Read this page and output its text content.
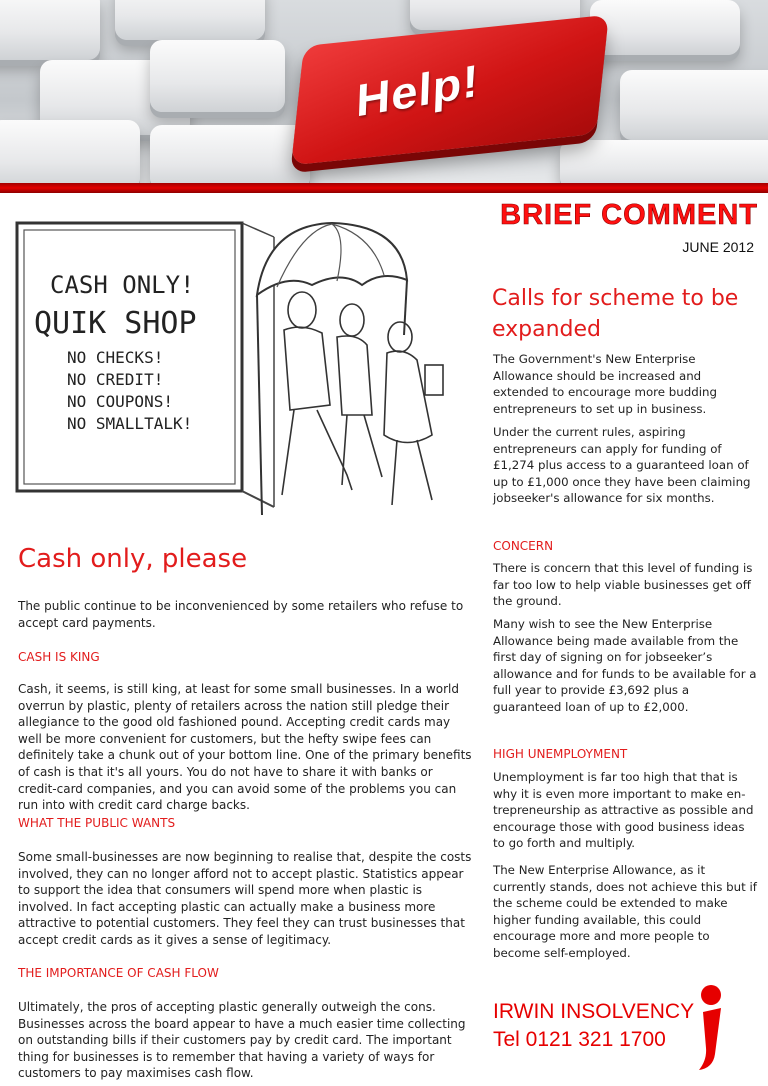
Help!
BRIEF COMMENT
JUNE 2012
CASH ONLY!
QUIK SHOP
NO CHECKS!
NO CREDIT!
NO COUPONS!
NO SMALLTALK!
Cash only, please
The public continue to be inconvenienced by some retailers who refuse to accept card payments.
CASH IS KING
Cash, it seems, is still king, at least for some small businesses. In a world overrun by plastic, plenty of retailers across the nation still pledge their allegiance to the good old fashioned pound. Accepting credit cards may well be more convenient for customers, but the hefty swipe fees can definitely take a chunk out of your bottom line. One of the primary benefits of cash is that it's all yours. You do not have to share it with banks or credit-card companies, and you can avoid some of the problems you can run into with credit card charge backs.
WHAT THE PUBLIC WANTS
Some small-businesses are now beginning to realise that, despite the costs involved, they can no longer afford not to accept plastic. Statistics appear to support the idea that consumers will spend more when plastic is involved. In fact accepting plastic can actually make a business more attractive to potential customers. They feel they can trust businesses that accept credit cards as it gives a sense of legitimacy.
THE IMPORTANCE OF CASH FLOW
Ultimately, the pros of accepting plastic generally outweigh the cons. Businesses across the board appear to have a much easier time collecting on outstanding bills if their customers pay by credit card. The important thing for businesses is to remember that having a variety of ways for customers to pay maximises cash flow.
Calls for scheme to be expanded
The Government's New Enterprise Allowance should be increased and extended to encourage more budding entrepreneurs to set up in business.
Under the current rules, aspiring entrepreneurs can apply for funding of £1,274 plus access to a guaranteed loan of up to £1,000 once they have been claiming jobseeker's allowance for six months.
CONCERN
There is concern that this level of funding is far too low to help viable businesses get off the ground.
Many wish to see the New Enterprise Allowance being made available from the first day of signing on for jobseeker’s allowance and for funds to be available for a full year to provide £3,692 plus a guaranteed loan of up to £2,000.
HIGH UNEMPLOYMENT
Unemployment is far too high that that is why it is even more important to make en-trepreneurship as attractive as possible and encourage those with good business ideas to go forth and multiply.
The New Enterprise Allowance, as it currently stands, does not achieve this but if the scheme could be extended to make higher funding available, this could encourage more and more people to become self-employed.
IRWIN INSOLVENCY
Tel 0121 321 1700
